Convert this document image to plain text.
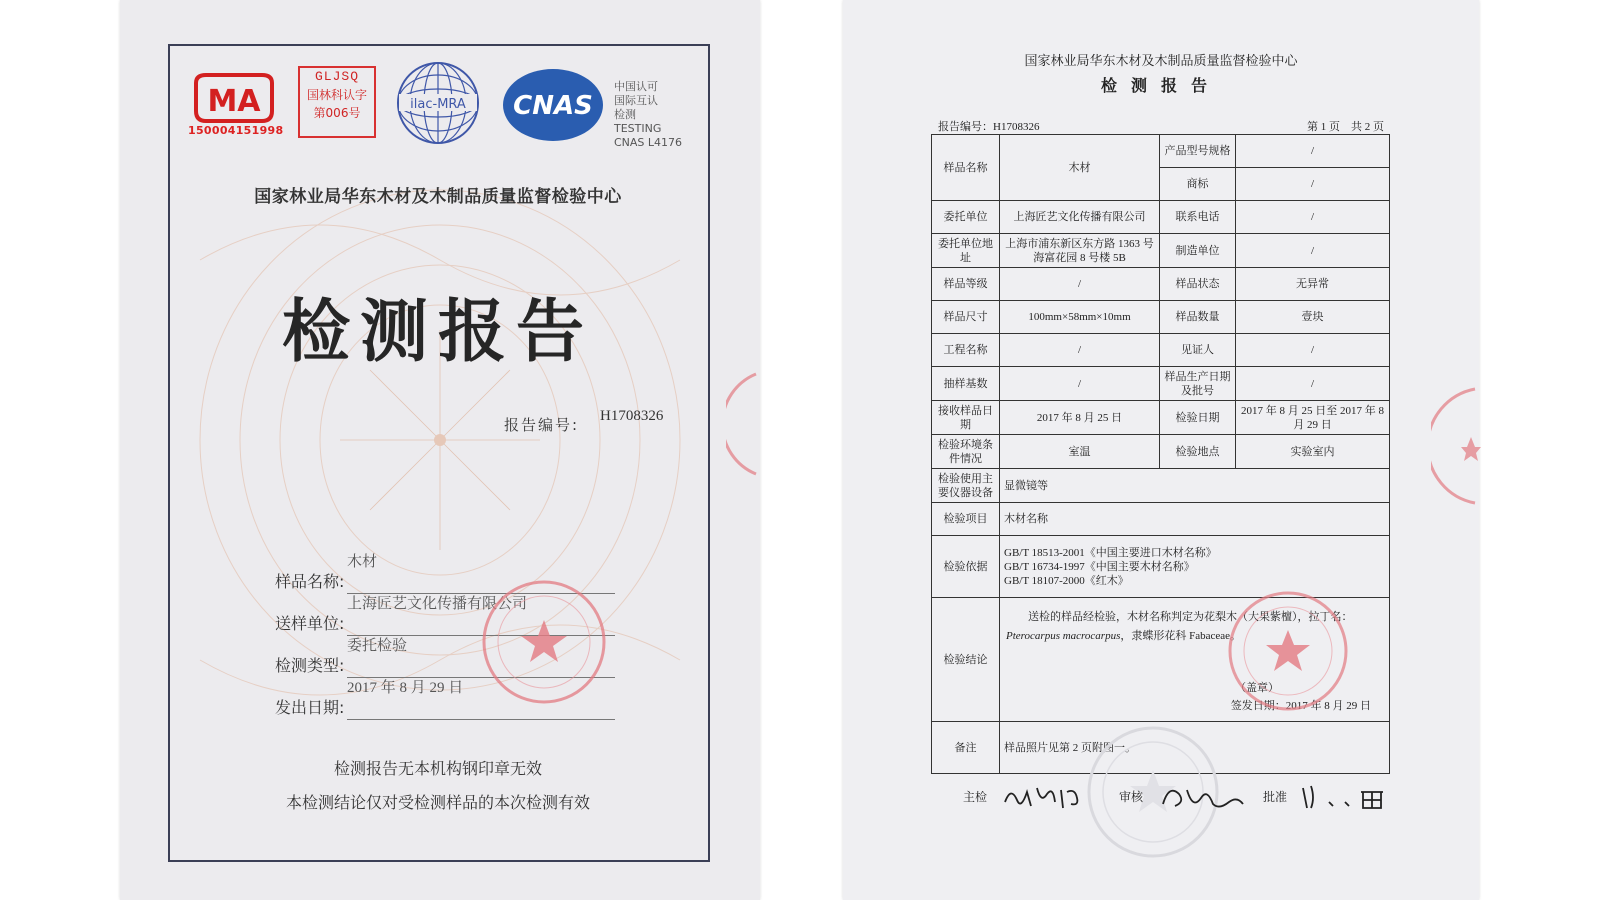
MA
150004151998
GLJSQ
国林科认字
第006号
ilac-MRA CNAS
中国认可
国际互认
检测
TESTING
CNAS L4176
国家林业局华东木材及木制品质量监督检验中心
检测报告
报告编号: H1708326
样品名称:
木材
送样单位:
上海匠艺文化传播有限公司
检测类型:
委托检验
发出日期:
2017 年 8 月 29 日
检测报告无本机构钢印章无效
本检测结论仅对受检测样品的本次检测有效
国家林业局华东木材及木制品质量监督检验中心
检测报告
报告编号：H1708326	第 1 页　共 2 页
样品名称	木材	产品型号规格	/
		商标	/
委托单位	上海匠艺文化传播有限公司	联系电话	/
委托单位地址	上海市浦东新区东方路 1363 号海富花园 8 号楼 5B	制造单位	/
样品等级	/	样品状态	无异常
样品尺寸	100mm×58mm×10mm	样品数量	壹块
工程名称	/	见证人	/
抽样基数	/	样品生产日期及批号	/
接收样品日期	2017 年 8 月 25 日	检验日期	2017 年 8 月 25 日至 2017 年 8 月 29 日
检验环境条件情况	室温	检验地点	实验室内
检验使用主要仪器设备	显微镜等		
检验项目	木材名称		
检验依据	GB/T 18513-2001《中国主要进口木材名称》
GB/T 16734-1997《中国主要木材名称》
GB/T 18107-2000《红木》		

检验结论	送检的样品经检验，木材名称判定为花梨木（大果紫檀），拉丁名：Pterocarpus macrocarpus，隶蝶形花科 Fabaceae。
（盖章）
签发日期：2017 年 8 月 29 日		

备注	样品照片见第 2 页附图一。		
主检	审核	批准
